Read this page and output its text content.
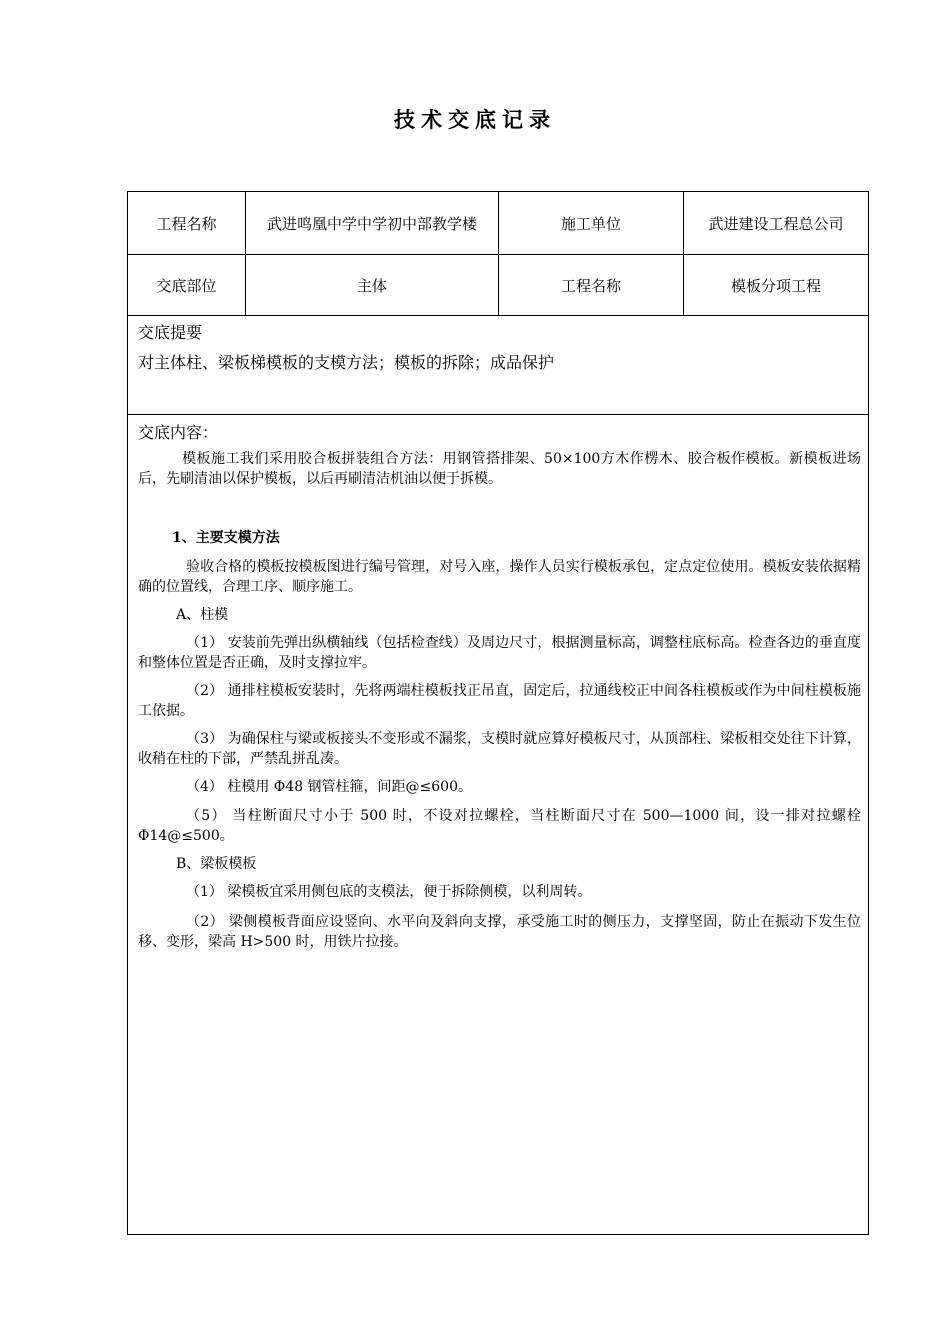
技术交底记录
工程名称	武进鸣凰中学中学初中部教学楼	施工单位	武进建设工程总公司
交底部位	主体	工程名称	模板分项工程
交底提要
对主体柱、梁板梯模板的支模方法；模板的拆除；成品保护
交底内容：
模板施工我们采用胶合板拼装组合方法：用钢管搭排架、50×100方木作楞木、胶合板作模板。新模板进场后，先刷清油以保护模板，以后再刷清洁机油以便于拆模。
1、主要支模方法
验收合格的模板按模板图进行编号管理，对号入座，操作人员实行模板承包，定点定位使用。模板安装依据精确的位置线，合理工序、顺序施工。
A、柱模
（1） 安装前先弹出纵横轴线（包括检查线）及周边尺寸，根据测量标高，调整柱底标高。检查各边的垂直度和整体位置是否正确，及时支撑拉牢。
（2） 通排柱模板安装时，先将两端柱模板找正吊直，固定后，拉通线校正中间各柱模板或作为中间柱模板施工依据。
（3） 为确保柱与梁或板接头不变形或不漏浆，支模时就应算好模板尺寸，从顶部柱、梁板相交处往下计算，收稍在柱的下部，严禁乱拼乱凑。
（4） 柱模用 Φ48 钢管柱箍，间距@≤600。
（5） 当柱断面尺寸小于 500 时，不设对拉螺栓，当柱断面尺寸在 500—1000 间，设一排对拉螺栓 Φ14@≤500。
B、梁板模板
（1） 梁模板宜采用侧包底的支模法，便于拆除侧模，以利周转。
（2） 梁侧模板背面应设竖向、水平向及斜向支撑，承受施工时的侧压力，支撑坚固，防止在振动下发生位移、变形，梁高 H>500 时，用铁片拉接。
